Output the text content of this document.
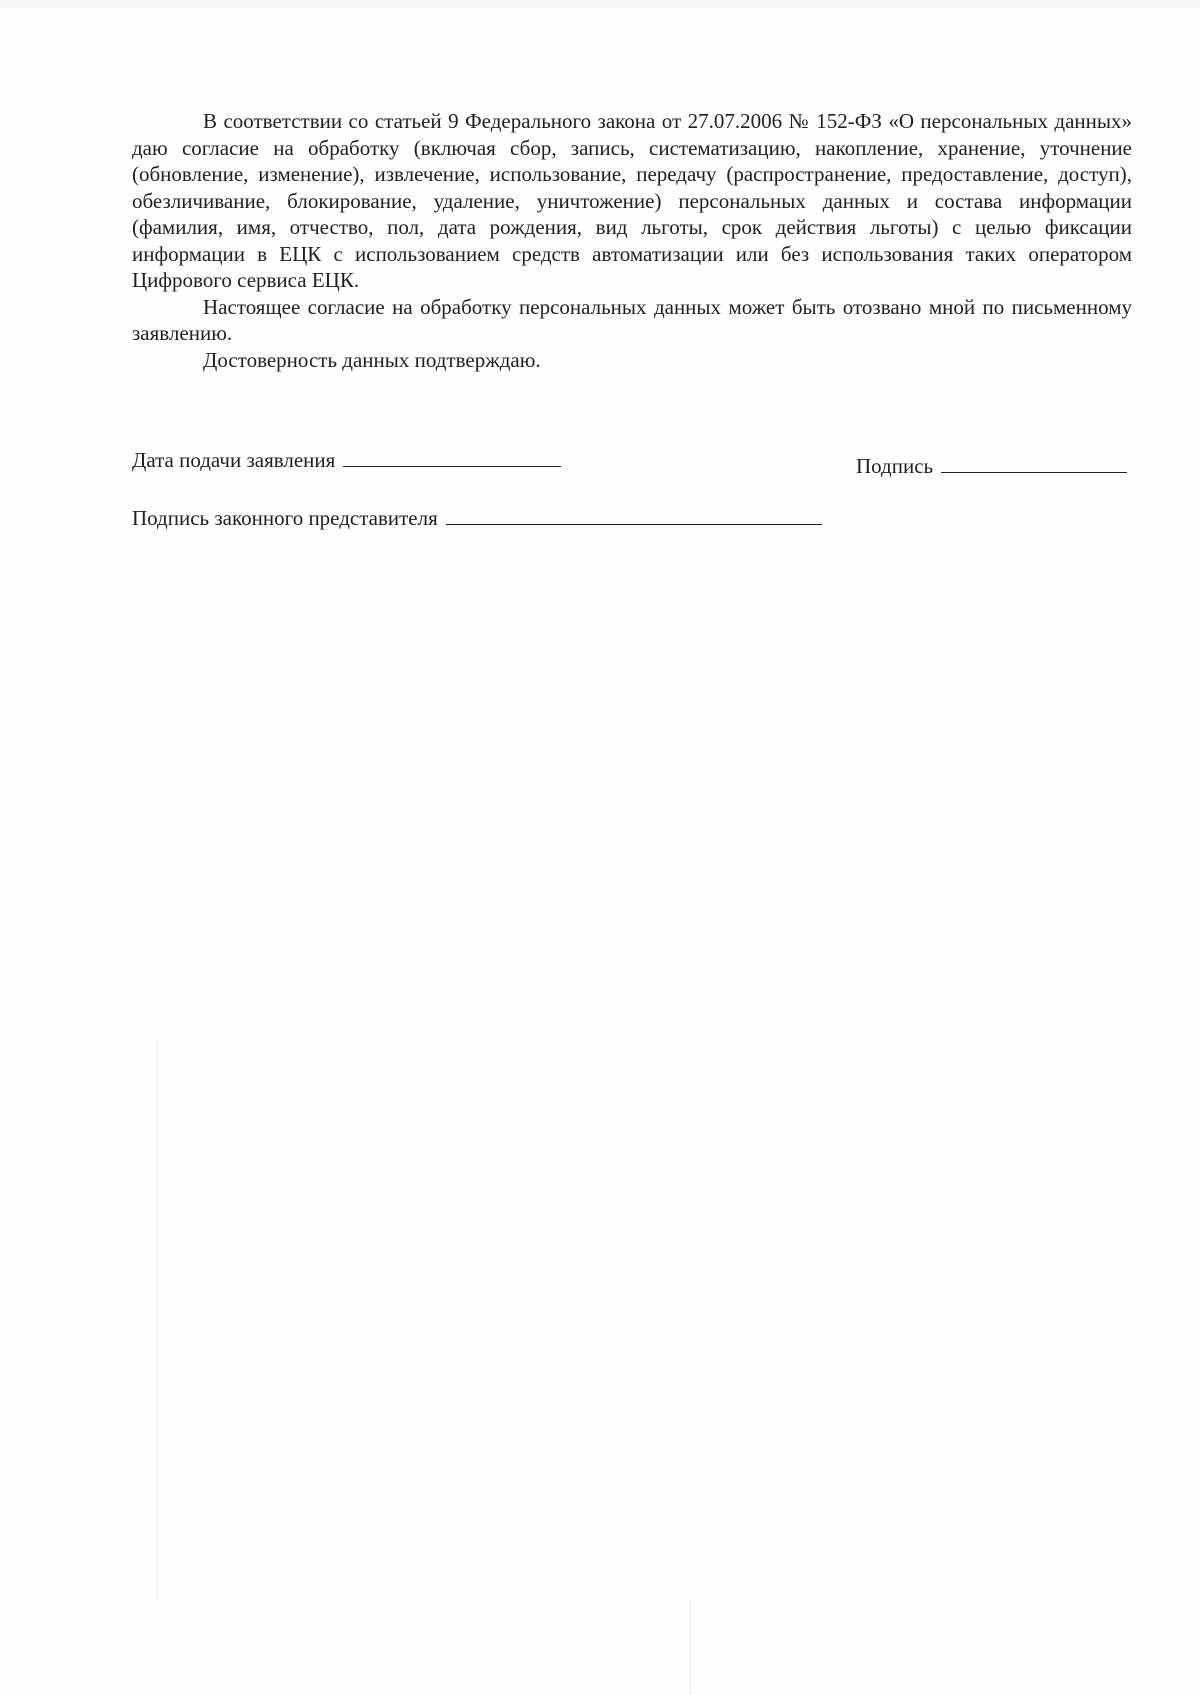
В соответствии со статьей 9 Федерального закона от 27.07.2006 № 152-ФЗ «О персональных данных» даю согласие на обработку (включая сбор, запись, систематизацию, накопление, хранение, уточнение (обновление, изменение), извлечение, использование, передачу (распространение, предоставление, доступ), обезличивание, блокирование, удаление, уничтожение) персональных данных и состава информации (фамилия, имя, отчество, пол, дата рождения, вид льготы, срок действия льготы) с целью фиксации информации в ЕЦК с использованием средств автоматизации или без использования таких оператором Цифрового сервиса ЕЦК.

Настоящее согласие на обработку персональных данных может быть отозвано мной по письменному заявлению.

Достоверность данных подтверждаю.

Дата подачи заявления	Подпись
Подпись законного представителя
